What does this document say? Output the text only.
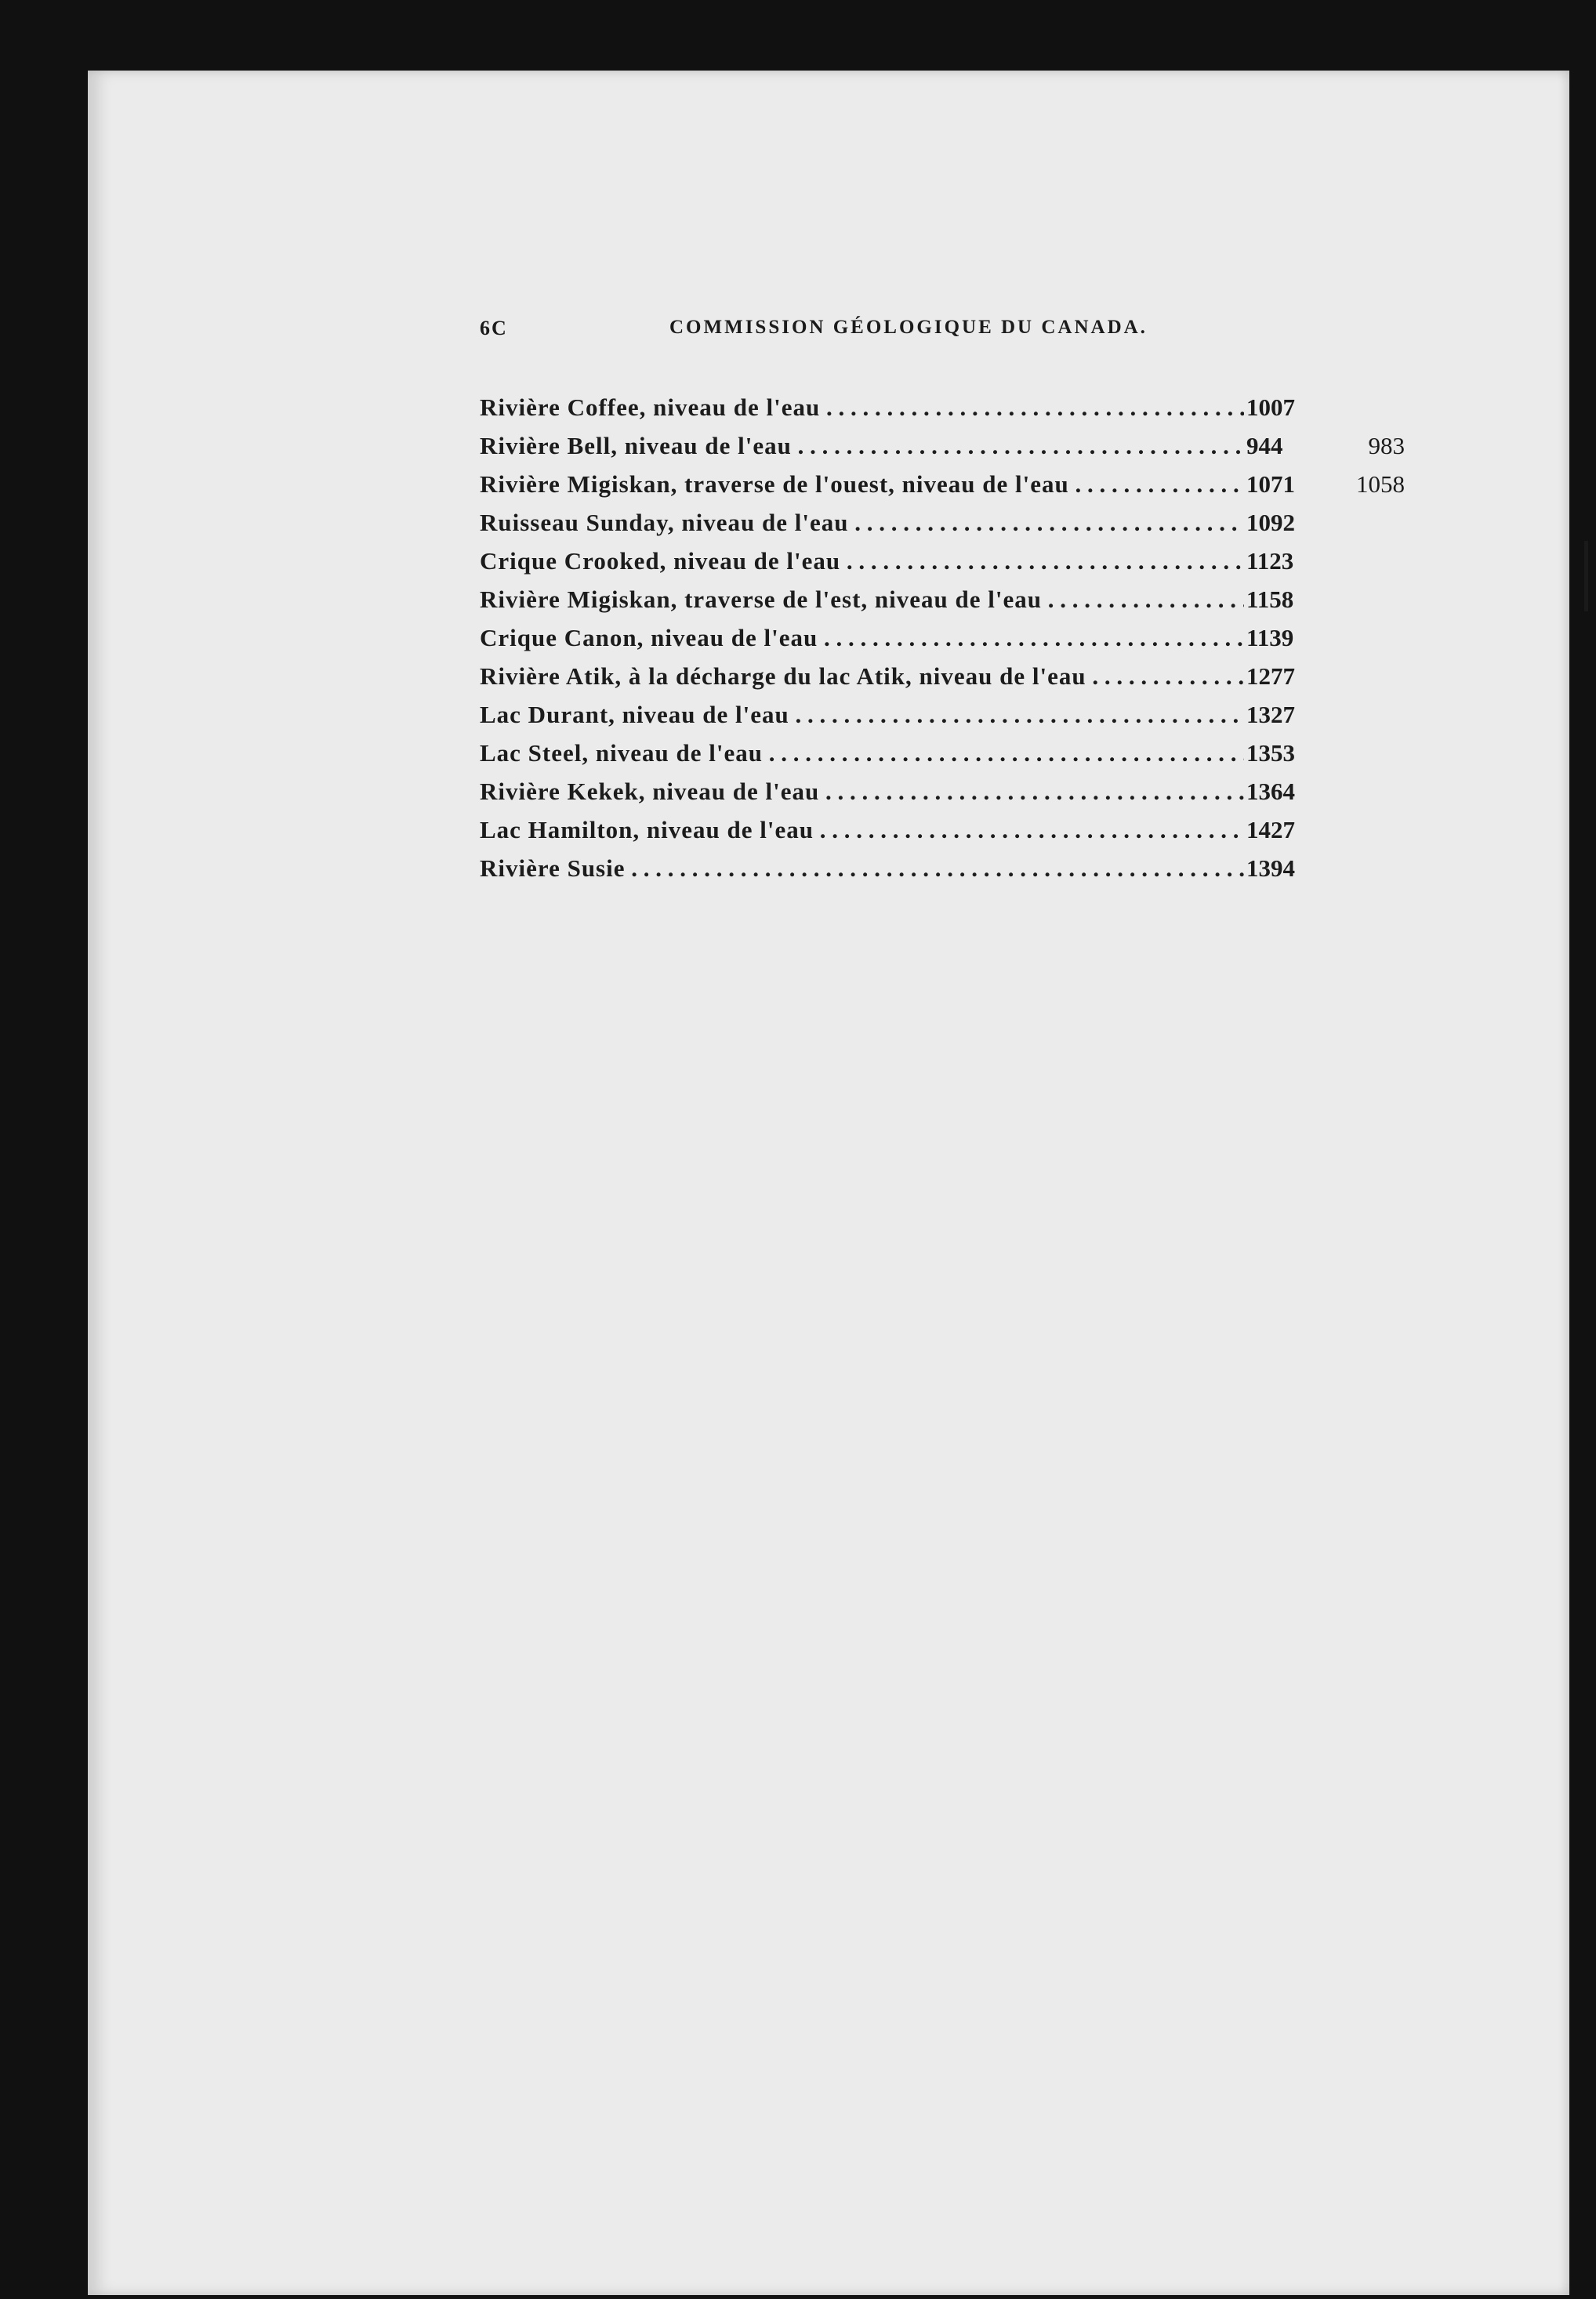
6C	COMMISSION GÉOLOGIQUE DU CANADA.
Rivière Coffee, niveau de l'eau . . .	1007
Rivière Bell, niveau de l'eau . . .	944	983
Rivière Migiskan, traverse de l'ouest, niveau de l'eau . . .	1071	1058
Ruisseau Sunday, niveau de l'eau . . .	1092
Crique Crooked, niveau de l'eau . . .	1123
Rivière Migiskan, traverse de l'est, niveau de l'eau . . .	1158
Crique Canon, niveau de l'eau . . .	1139
Rivière Atik, à la décharge du lac Atik, niveau de l'eau . . .	1277
Lac Durant, niveau de l'eau . . .	1327
Lac Steel, niveau de l'eau . . .	1353
Rivière Kekek, niveau de l'eau . . .	1364
Lac Hamilton, niveau de l'eau . . .	1427
Rivière Susie . . .	1394
